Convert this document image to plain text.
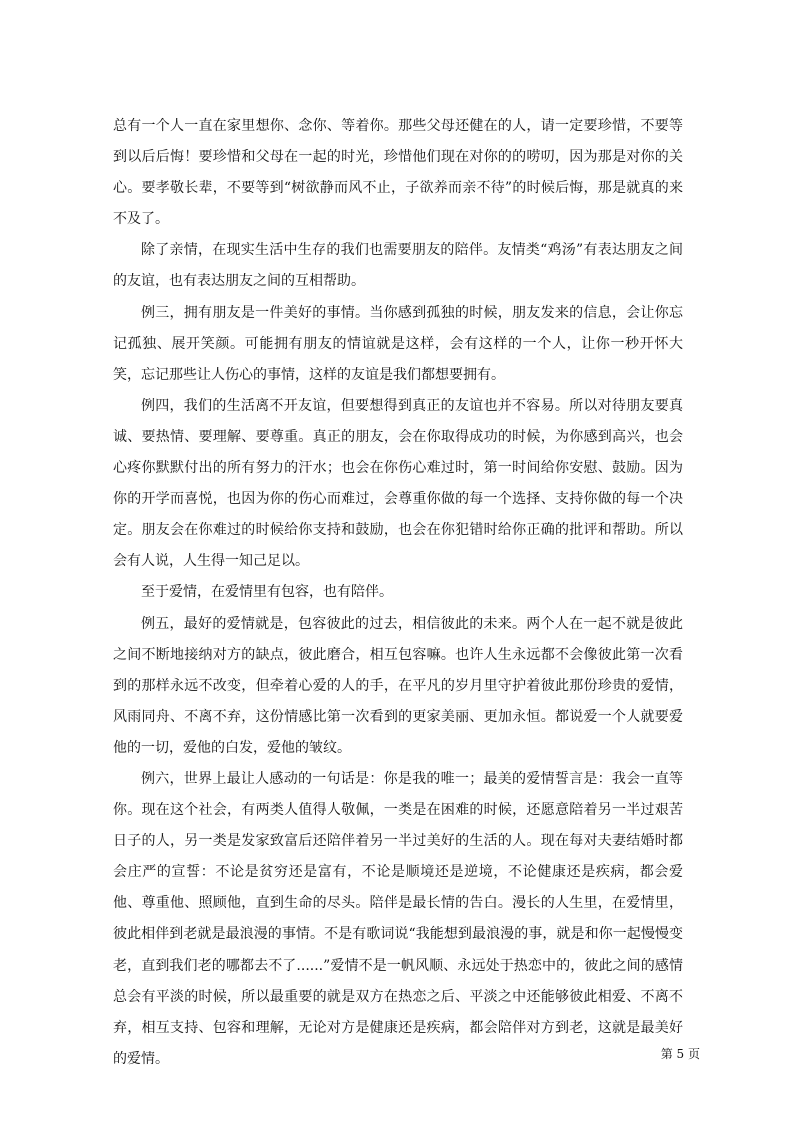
总有一个人一直在家里想你、念你、等着你。那些父母还健在的人，请一定要珍惜，不要等到以后后悔！要珍惜和父母在一起的时光，珍惜他们现在对你的的唠叨，因为那是对你的关心。要孝敬长辈，不要等到“树欲静而风不止，子欲养而亲不待”的时候后悔，那是就真的来不及了。

除了亲情，在现实生活中生存的我们也需要朋友的陪伴。友情类“鸡汤”有表达朋友之间的友谊，也有表达朋友之间的互相帮助。

例三，拥有朋友是一件美好的事情。当你感到孤独的时候，朋友发来的信息，会让你忘记孤独、展开笑颜。可能拥有朋友的情谊就是这样，会有这样的一个人，让你一秒开怀大笑，忘记那些让人伤心的事情，这样的友谊是我们都想要拥有。

例四，我们的生活离不开友谊，但要想得到真正的友谊也并不容易。所以对待朋友要真诚、要热情、要理解、要尊重。真正的朋友，会在你取得成功的时候，为你感到高兴，也会心疼你默默付出的所有努力的汗水；也会在你伤心难过时，第一时间给你安慰、鼓励。因为你的开学而喜悦，也因为你的伤心而难过，会尊重你做的每一个选择、支持你做的每一个决定。朋友会在你难过的时候给你支持和鼓励，也会在你犯错时给你正确的批评和帮助。所以会有人说，人生得一知己足以。

至于爱情，在爱情里有包容，也有陪伴。

例五，最好的爱情就是，包容彼此的过去，相信彼此的未来。两个人在一起不就是彼此之间不断地接纳对方的缺点，彼此磨合，相互包容嘛。也许人生永远都不会像彼此第一次看到的那样永远不改变，但牵着心爱的人的手，在平凡的岁月里守护着彼此那份珍贵的爱情，风雨同舟、不离不弃，这份情感比第一次看到的更家美丽、更加永恒。都说爱一个人就要爱他的一切，爱他的白发，爱他的皱纹。

例六，世界上最让人感动的一句话是：你是我的唯一；最美的爱情誓言是：我会一直等你。现在这个社会，有两类人值得人敬佩，一类是在困难的时候，还愿意陪着另一半过艰苦日子的人，另一类是发家致富后还陪伴着另一半过美好的生活的人。现在每对夫妻结婚时都会庄严的宣誓：不论是贫穷还是富有，不论是顺境还是逆境，不论健康还是疾病，都会爱他、尊重他、照顾他，直到生命的尽头。陪伴是最长情的告白。漫长的人生里，在爱情里，彼此相伴到老就是最浪漫的事情。不是有歌词说“我能想到最浪漫的事，就是和你一起慢慢变老，直到我们老的哪都去不了......”爱情不是一帆风顺、永远处于热恋中的，彼此之间的感情总会有平淡的时候，所以最重要的就是双方在热恋之后、平淡之中还能够彼此相爱、不离不弃，相互支持、包容和理解，无论对方是健康还是疾病，都会陪伴对方到老，这就是最美好的爱情。	第 5 页
